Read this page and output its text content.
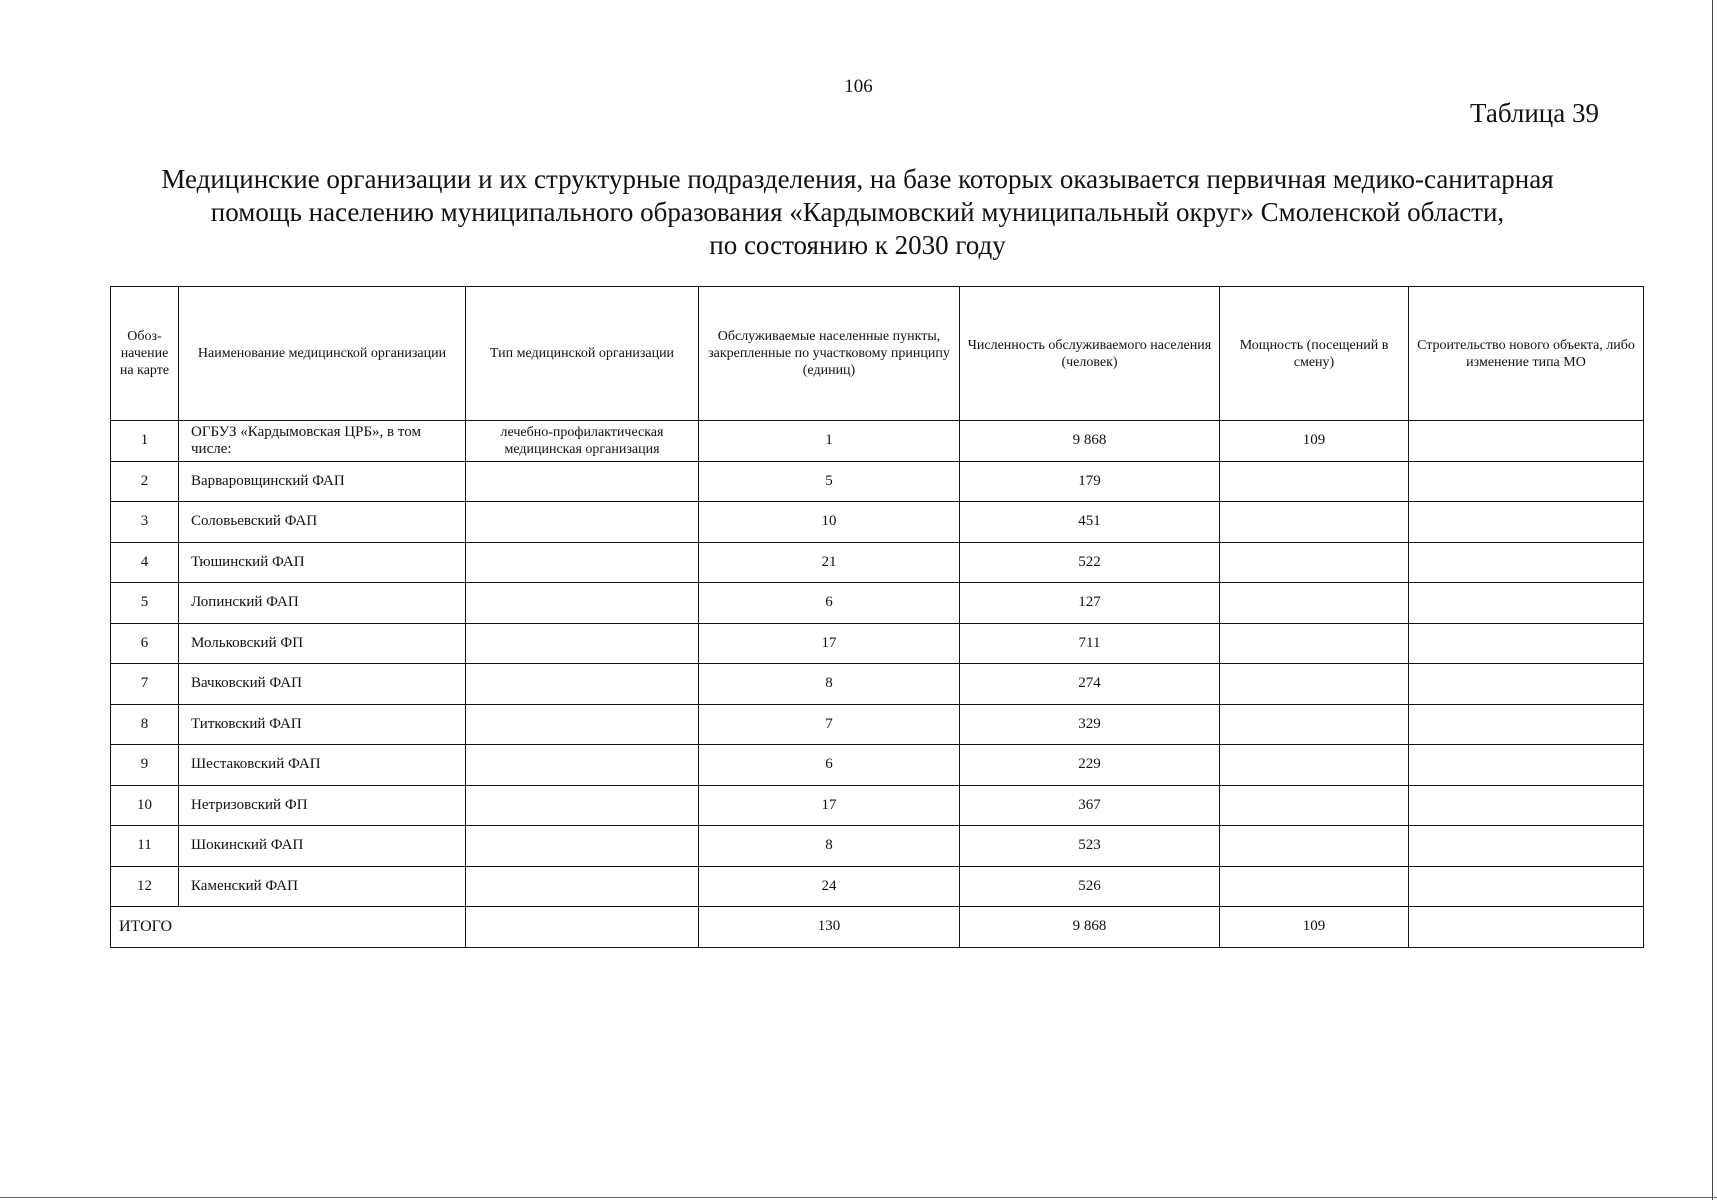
106
Таблица 39
Медицинские организации и их структурные подразделения, на базе которых оказывается первичная медико-санитарная
помощь населению муниципального образования «Кардымовский муниципальный округ» Смоленской области,
по состоянию к 2030 году
Обоз-начение на карте	Наименование медицинской организации	Тип медицинской организации	Обслуживаемые населенные пункты, закрепленные по участковому принципу (единиц)	Численность обслуживаемого населения (человек)	Мощность (посещений в смену)	Строительство нового объекта, либо изменение типа МО
1	ОГБУЗ «Кардымовская ЦРБ», в том числе:	лечебно-профилактическая медицинская организация	1	9 868	109	
2	Варваровщинский ФАП		5	179		
3	Соловьевский ФАП		10	451		
4	Тюшинский ФАП		21	522		
5	Лопинский ФАП		6	127		
6	Мольковский ФП		17	711		
7	Вачковский ФАП		8	274		
8	Титковский ФАП		7	329		
9	Шестаковский ФАП		6	229		
10	Нетризовский ФП		17	367		
11	Шокинский ФАП		8	523		
12	Каменский ФАП		24	526		
ИТОГО			130	9 868	109	
